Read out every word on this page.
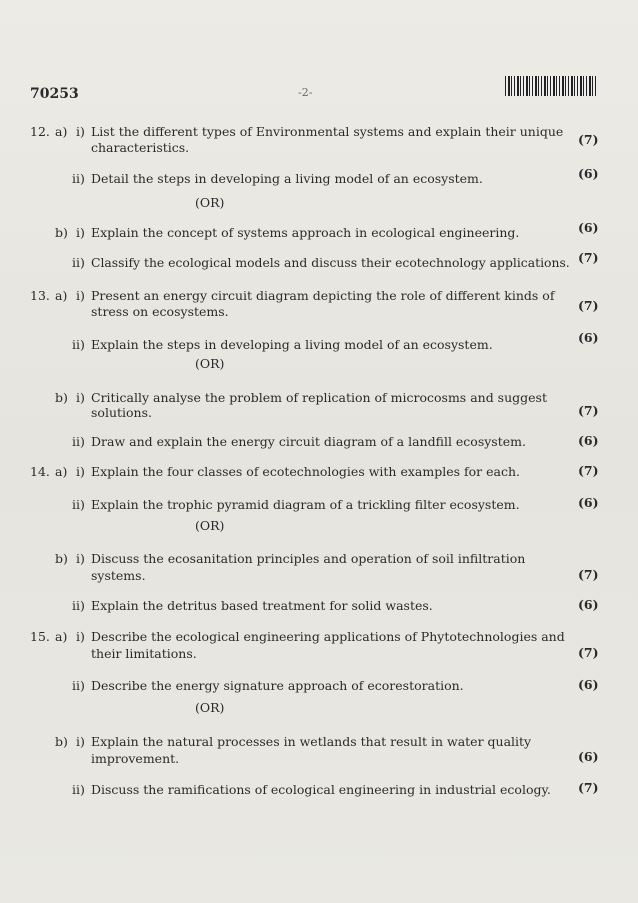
70253	-2-
12. a) i) List the different types of Environmental systems and explain their unique
characteristics.
(7)
ii) Detail the steps in developing a living model of an ecosystem.	(6)
(OR)
b) i) Explain the concept of systems approach in ecological engineering.	(6)
ii) Classify the ecological models and discuss their ecotechnology applications. (7)
13. a) i) Present an energy circuit diagram depicting the role of different kinds of
stress on ecosystems.	(7)
ii) Explain the steps in developing a living model of an ecosystem.	(6)
(OR)
b) i) Critically analyse the problem of replication of microcosms and suggest
solutions.	(7)
ii) Draw and explain the energy circuit diagram of a landfill ecosystem.	(6)
14. a) i) Explain the four classes of ecotechnologies with examples for each.	(7)
ii) Explain the trophic pyramid diagram of a trickling filter ecosystem.	(6)
(OR)
b) i) Discuss the ecosanitation principles and operation of soil infiltration
systems.	(7)
ii) Explain the detritus based treatment for solid wastes.	(6)
15. a) i) Describe the ecological engineering applications of Phytotechnologies and
their limitations.	(7)
ii) Describe the energy signature approach of ecorestoration.	(6)
(OR)
b) i) Explain the natural processes in wetlands that result in water quality
improvement.	(6)
ii) Discuss the ramifications of ecological engineering in industrial ecology. (7)
